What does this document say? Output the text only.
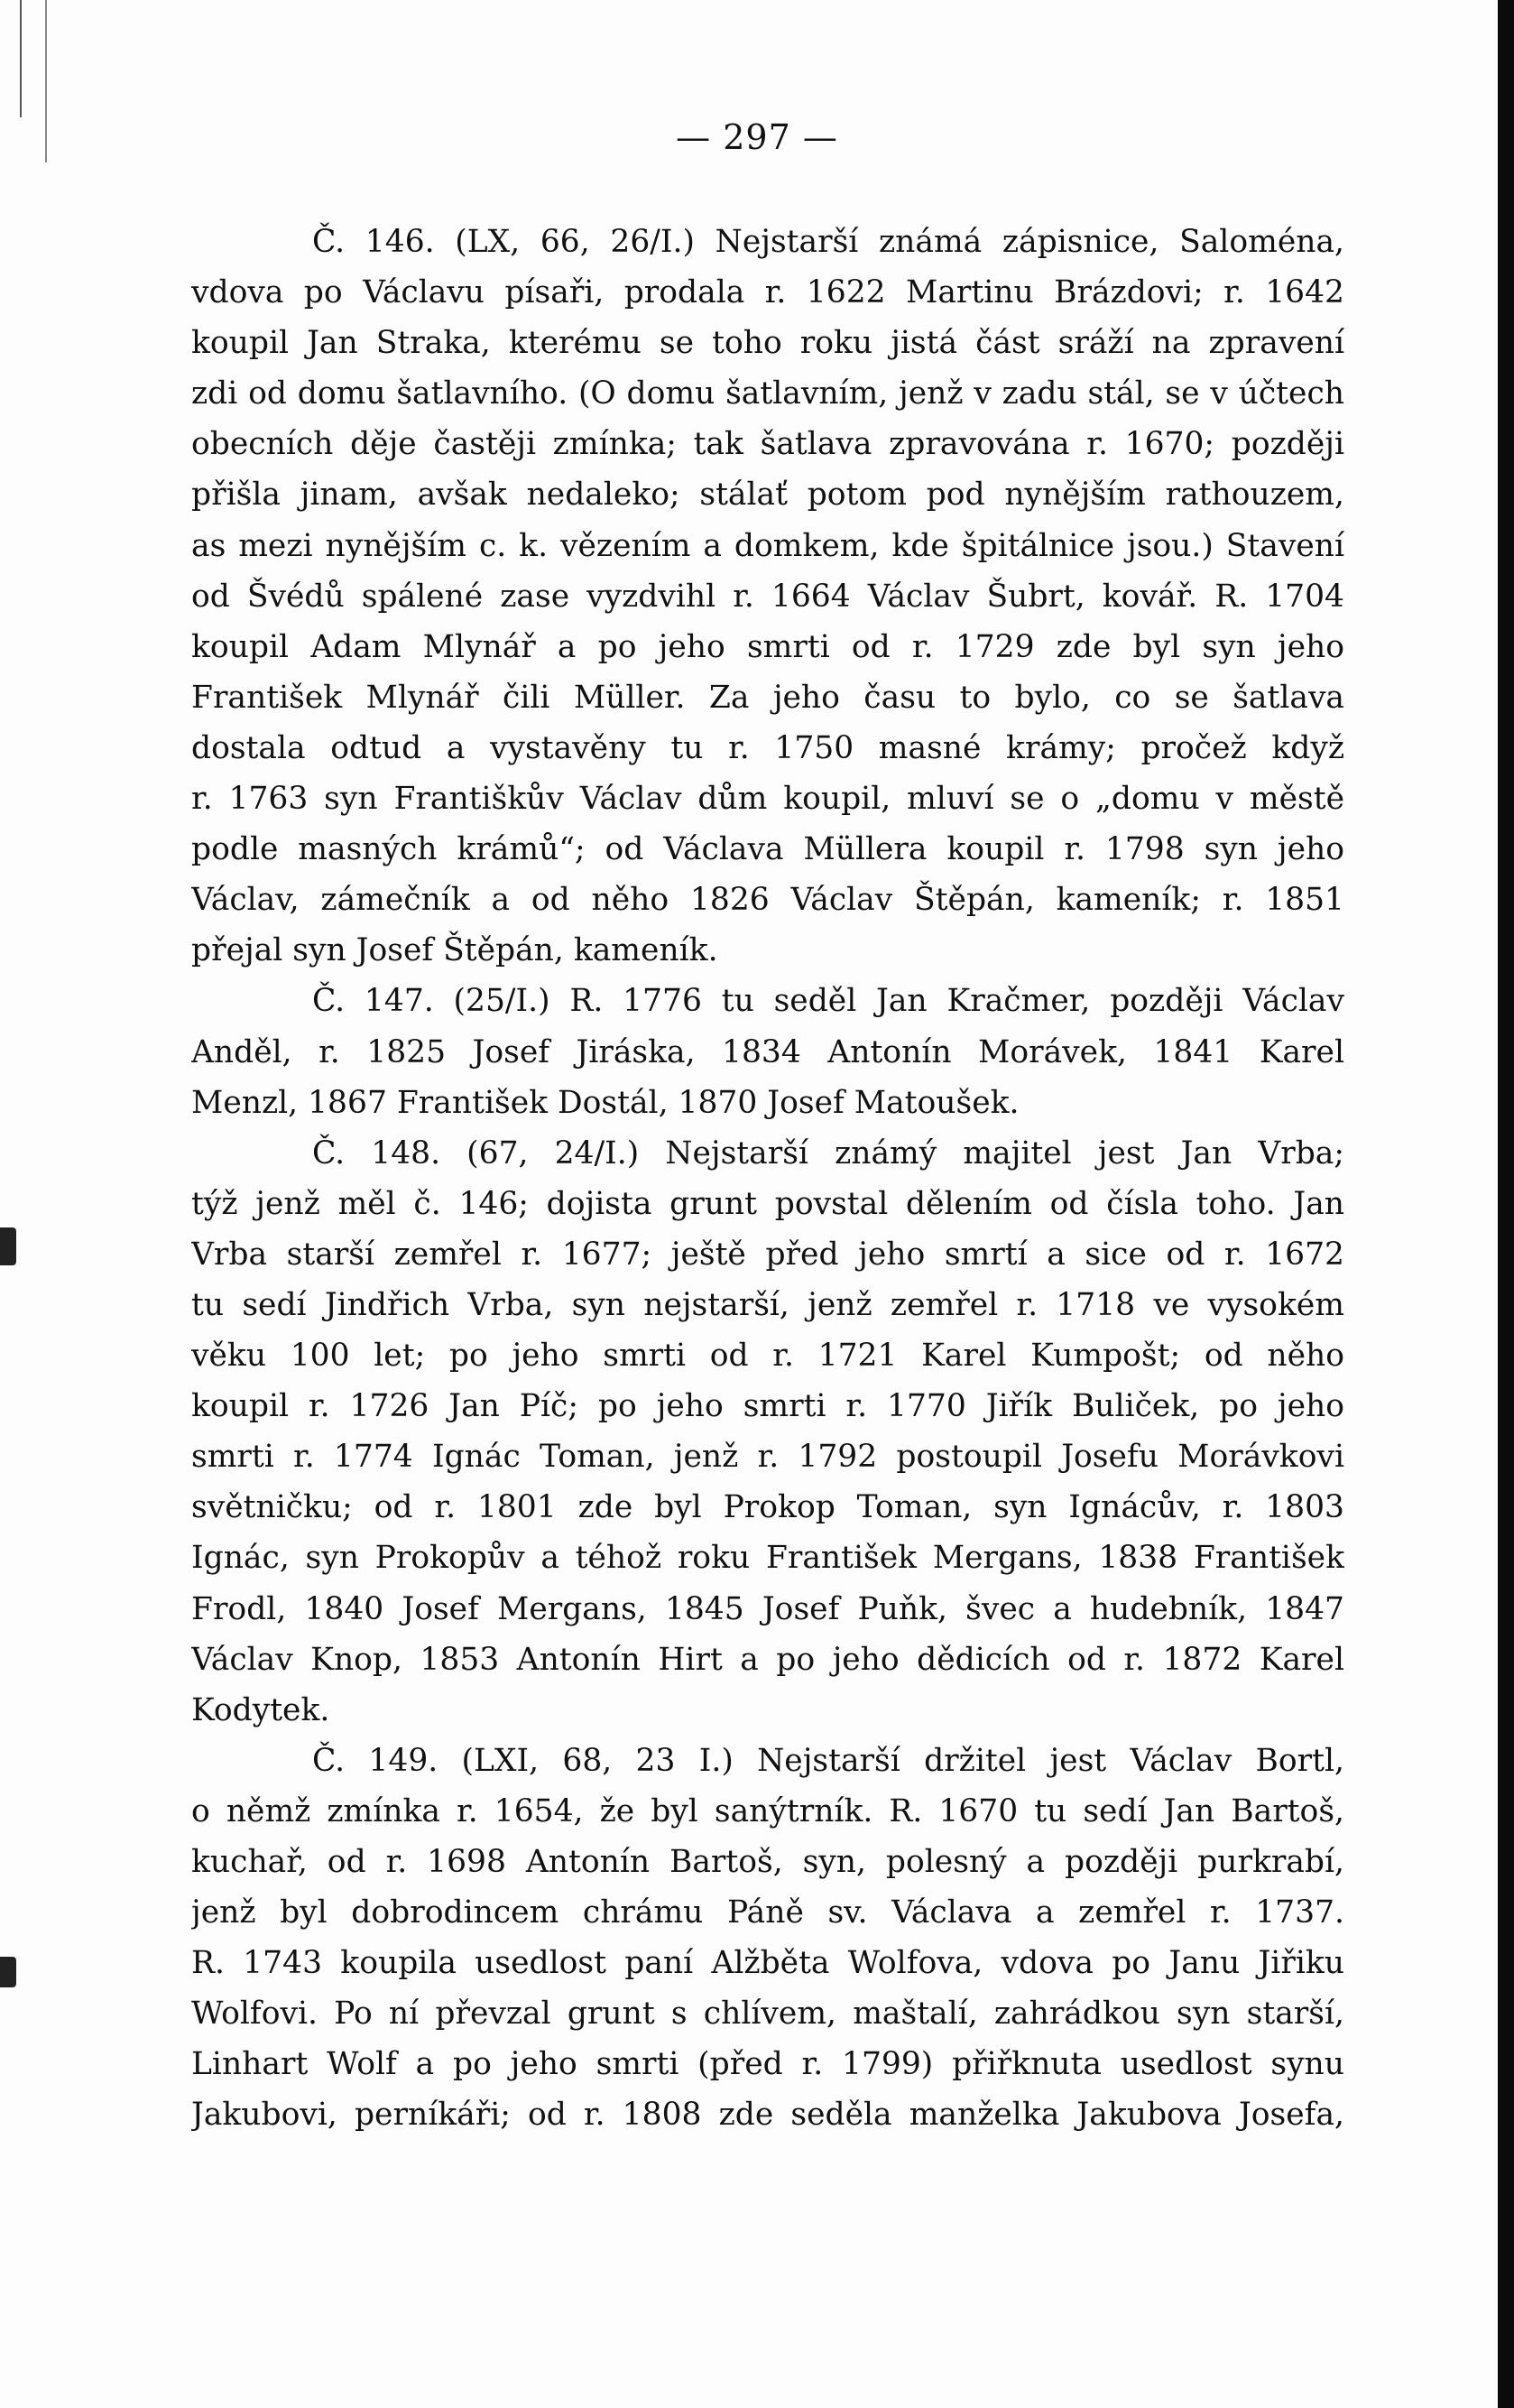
— 297 —
Č. 146. (LX, 66, 26/I.) Nejstarší známá zápisnice, Saloména,
vdova po Václavu písaři, prodala r. 1622 Martinu Brázdovi; r. 1642
koupil Jan Straka, kterému se toho roku jistá část sráží na zpravení
zdi od domu šatlavního. (O domu šatlavním, jenž v zadu stál, se v účtech
obecních děje častěji zmínka; tak šatlava zpravována r. 1670; později
přišla jinam, avšak nedaleko; stálať potom pod nynějším rathouzem,
as mezi nynějším c. k. vězením a domkem, kde špitálnice jsou.) Stavení
od Švédů spálené zase vyzdvihl r. 1664 Václav Šubrt, kovář. R. 1704
koupil Adam Mlynář a po jeho smrti od r. 1729 zde byl syn jeho
František Mlynář čili Müller. Za jeho času to bylo, co se šatlava
dostala odtud a vystavěny tu r. 1750 masné krámy; pročež když
r. 1763 syn Františkův Václav dům koupil, mluví se o „domu v městě
podle masných krámů“; od Václava Müllera koupil r. 1798 syn jeho
Václav, zámečník a od něho 1826 Václav Štěpán, kameník; r. 1851
přejal syn Josef Štěpán, kameník.
Č. 147. (25/I.) R. 1776 tu seděl Jan Kračmer, později Václav
Anděl, r. 1825 Josef Jiráska, 1834 Antonín Morávek, 1841 Karel
Menzl, 1867 František Dostál, 1870 Josef Matoušek.
Č. 148. (67, 24/I.) Nejstarší známý majitel jest Jan Vrba;
týž jenž měl č. 146; dojista grunt povstal dělením od čísla toho. Jan
Vrba starší zemřel r. 1677; ještě před jeho smrtí a sice od r. 1672
tu sedí Jindřich Vrba, syn nejstarší, jenž zemřel r. 1718 ve vysokém
věku 100 let; po jeho smrti od r. 1721 Karel Kumpošt; od něho
koupil r. 1726 Jan Píč; po jeho smrti r. 1770 Jiřík Buliček, po jeho
smrti r. 1774 Ignác Toman, jenž r. 1792 postoupil Josefu Morávkovi
světničku; od r. 1801 zde byl Prokop Toman, syn Ignácův, r. 1803
Ignác, syn Prokopův a téhož roku František Mergans, 1838 František
Frodl, 1840 Josef Mergans, 1845 Josef Puňk, švec a hudebník, 1847
Václav Knop, 1853 Antonín Hirt a po jeho dědicích od r. 1872 Karel
Kodytek.
Č. 149. (LXI, 68, 23 I.) Nejstarší držitel jest Václav Bortl,
o němž zmínka r. 1654, že byl sanýtrník. R. 1670 tu sedí Jan Bartoš,
kuchař, od r. 1698 Antonín Bartoš, syn, polesný a později purkrabí,
jenž byl dobrodincem chrámu Páně sv. Václava a zemřel r. 1737.
R. 1743 koupila usedlost paní Alžběta Wolfova, vdova po Janu Jiřiku
Wolfovi. Po ní převzal grunt s chlívem, maštalí, zahrádkou syn starší,
Linhart Wolf a po jeho smrti (před r. 1799) přiřknuta usedlost synu
Jakubovi, perníkáři; od r. 1808 zde seděla manželka Jakubova Josefa,
